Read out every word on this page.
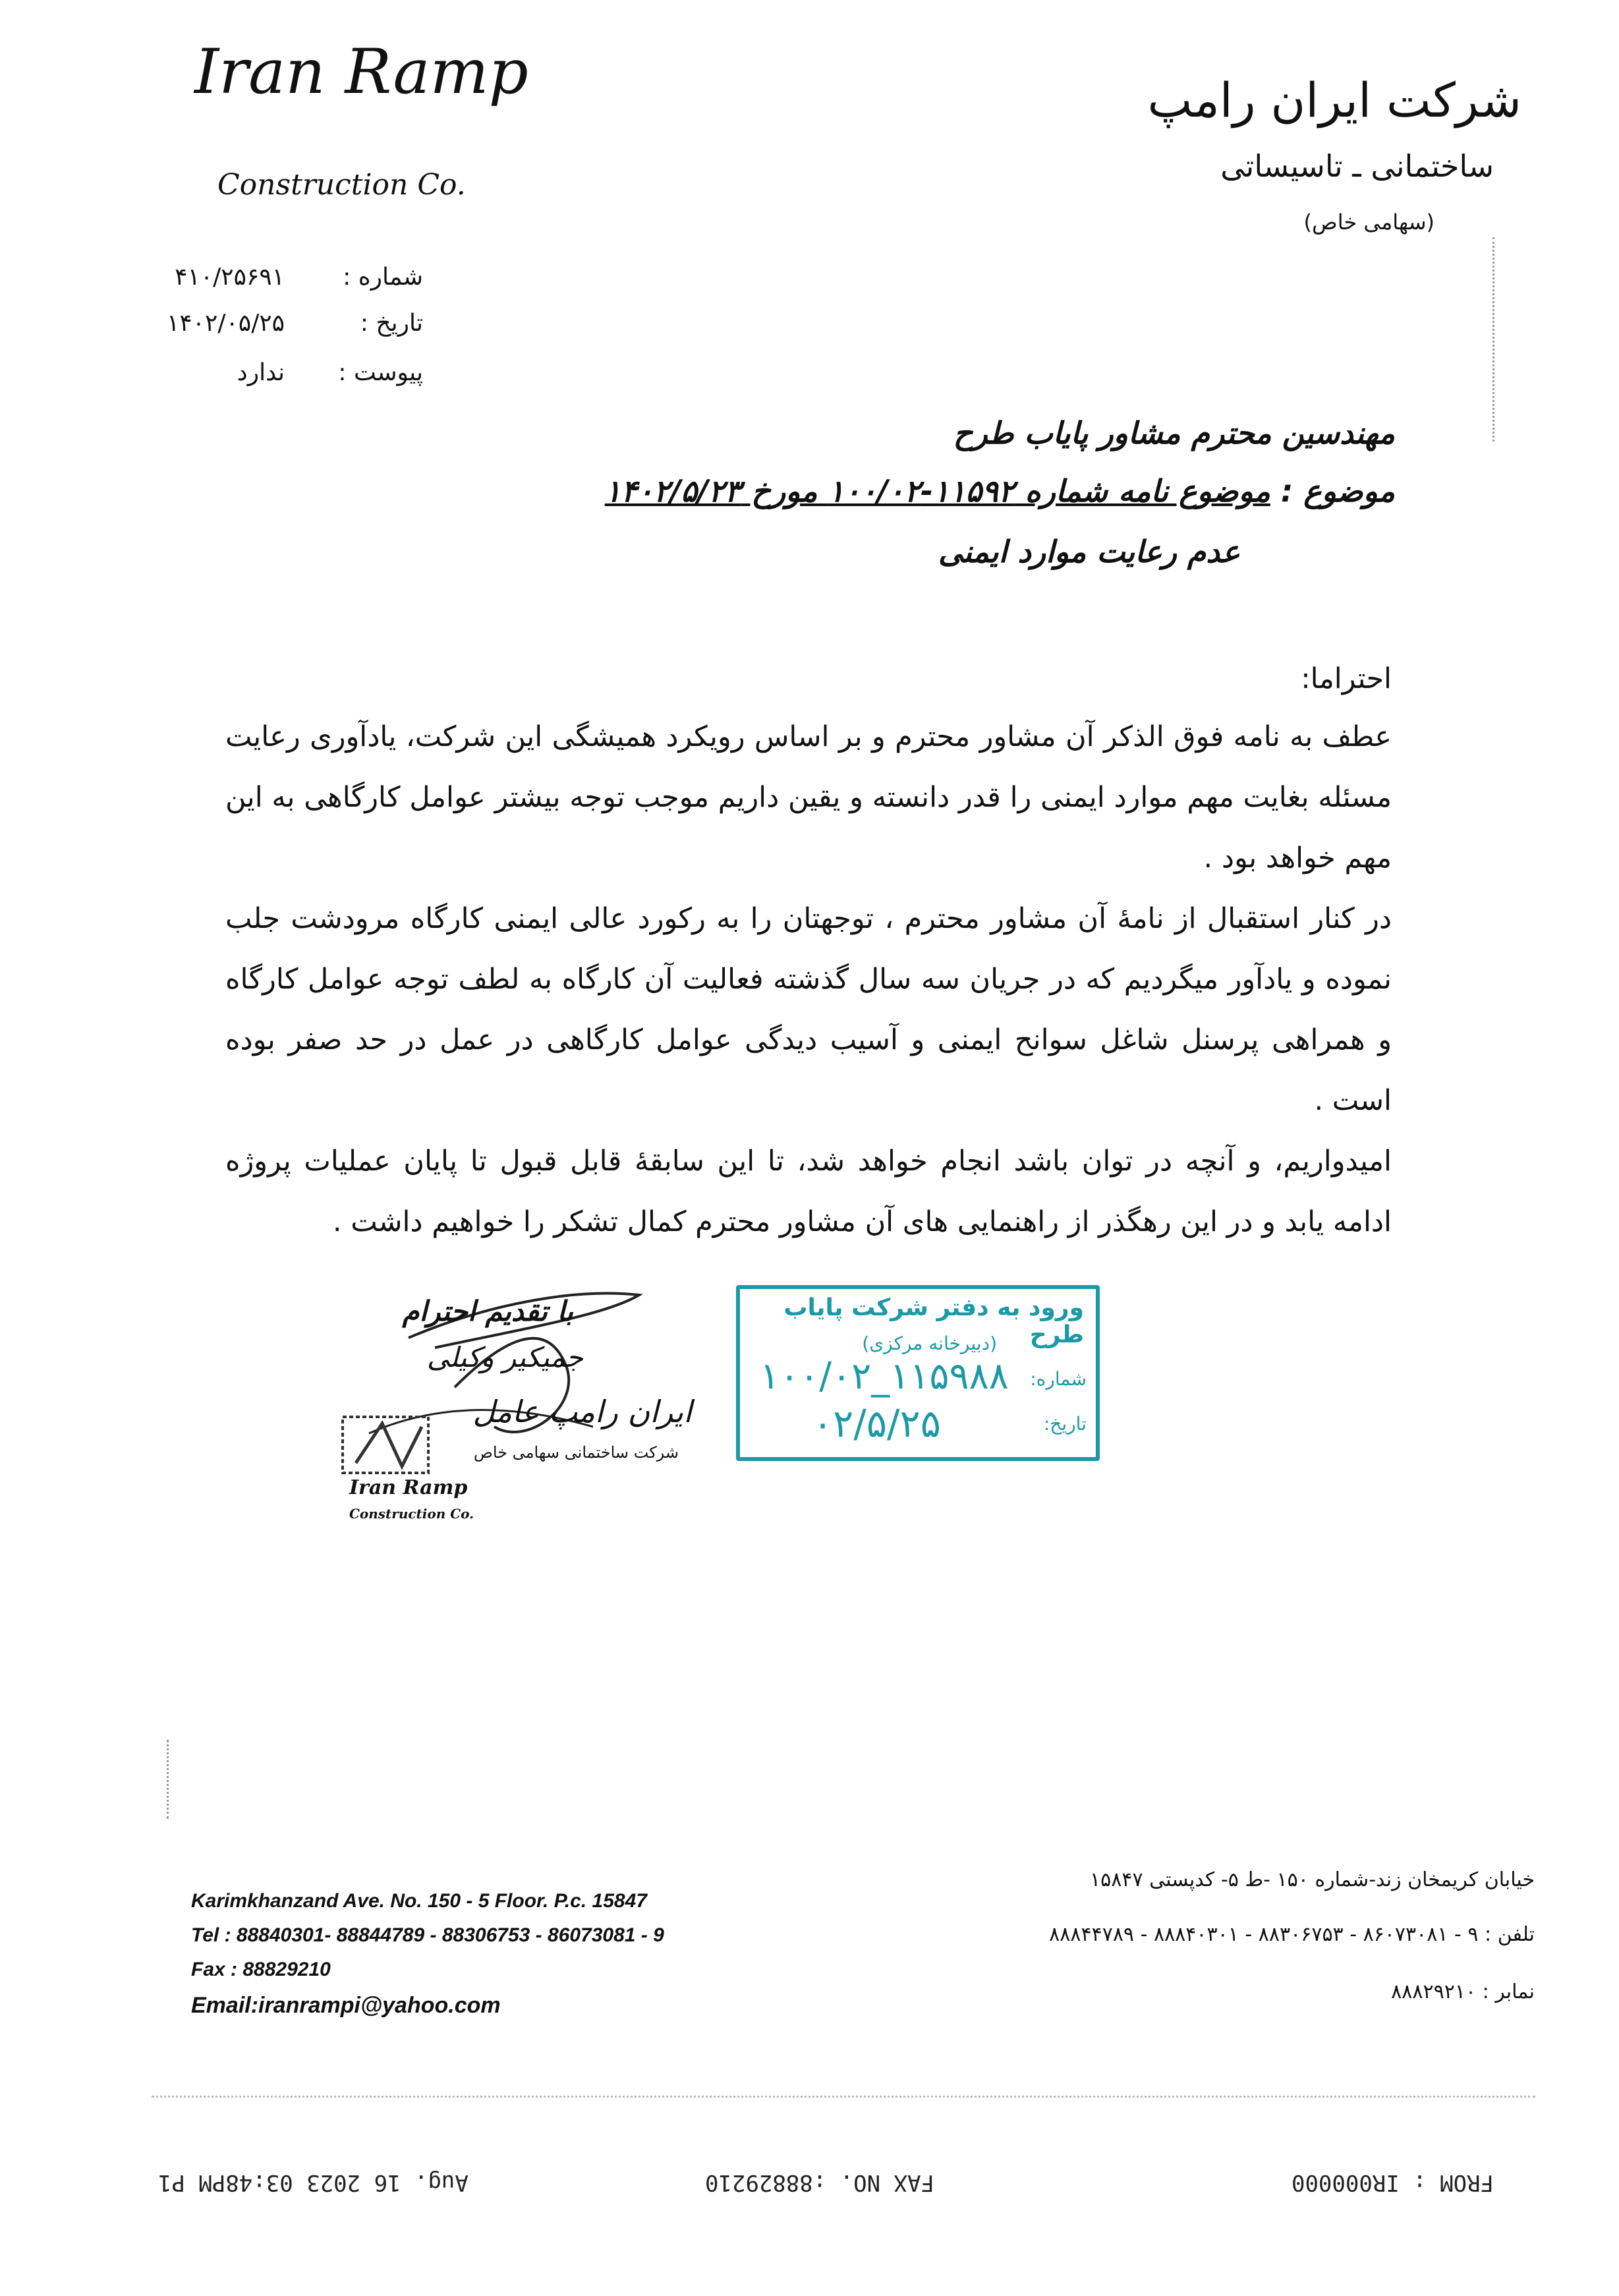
Iran Ramp
Construction Co.
شرکت ایران رامپ
ساختمانی ـ تاسیساتی
(سهامی خاص)
شماره :
۴۱۰/۲۵۶۹۱
تاریخ :
۱۴۰۲/۰۵/۲۵
پیوست :
ندارد
مهندسین محترم مشاور پایاب طرح
موضوع : موضوع نامه شماره ۱۱۵۹۲-۱۰۰/۰۲ مورخ ۱۴۰۲/۵/۲۳
عدم رعایت موارد ایمنی
احتراما:

عطف به نامه فوق الذکر آن مشاور محترم و بر اساس رویکرد همیشگی این شرکت، یادآوری رعایت مسئله بغایت مهم موارد ایمنی را قدر دانسته و یقین داریم موجب توجه بیشتر عوامل کارگاهی به این مهم خواهد بود .

در کنار استقبال از نامۀ آن مشاور محترم ، توجهتان را به رکورد عالی ایمنی کارگاه مرودشت جلب نموده و یادآور میگردیم که در جریان سه سال گذشته فعالیت آن کارگاه به لطف توجه عوامل کارگاه و همراهی پرسنل شاغل سوانح ایمنی و آسیب دیدگی عوامل کارگاهی در عمل در حد صفر بوده است .

امیدواریم، و آنچه در توان باشد انجام خواهد شد، تا این سابقۀ قابل قبول تا پایان عملیات پروژه ادامه یابد و در این رهگذر از راهنمایی های آن مشاور محترم کمال تشکر را خواهیم داشت .

با تقدیم احترام
جمیکیر وکیلی
ایران رامپ عامل
شرکت ساختمانی سهامی خاص
Iran Ramp
Construction Co.
ورود به دفتر شرکت پایاب طرح
(دبیرخانه مرکزی)
شماره:
تاریخ:
۱۰۰/۰۲_۱۱۵۹۸۸
۰۲/۵/۲۵
Karimkhanzand Ave. No. 150 - 5 Floor. P.c. 15847
Tel : 88840301- 88844789 - 88306753 - 86073081 - 9
Fax : 88829210
Email:iranrampi@yahoo.com
خیابان کریمخان زند-شماره ۱۵۰ -ط ۵- کدپستی ۱۵۸۴۷
تلفن : ۹ - ۸۶۰۷۳۰۸۱ - ۸۸۳۰۶۷۵۳ - ۸۸۸۴۰۳۰۱ - ۸۸۸۴۴۷۸۹
نمابر : ۸۸۸۲۹۲۱۰
Aug. 16 2023 03:48PM P1	FAX NO. :88829210	FROM : IR000000
